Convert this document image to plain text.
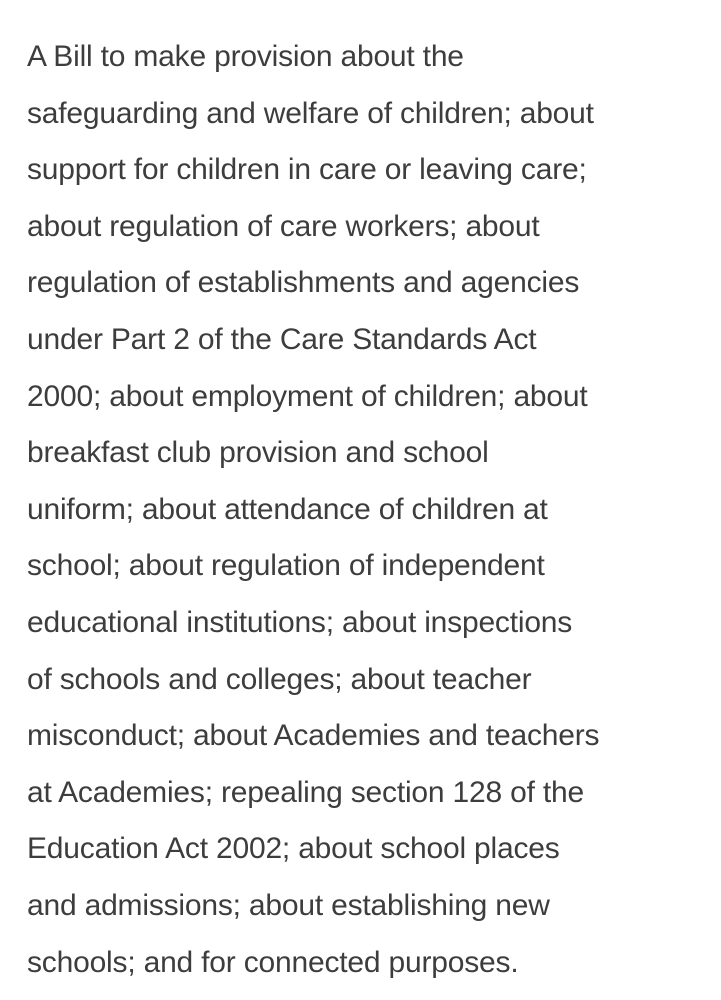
A Bill to make provision about the
safeguarding and welfare of children; about
support for children in care or leaving care;
about regulation of care workers; about
regulation of establishments and agencies
under Part 2 of the Care Standards Act
2000; about employment of children; about
breakfast club provision and school
uniform; about attendance of children at
school; about regulation of independent
educational institutions; about inspections
of schools and colleges; about teacher
misconduct; about Academies and teachers
at Academies; repealing section 128 of the
Education Act 2002; about school places
and admissions; about establishing new
schools; and for connected purposes.
